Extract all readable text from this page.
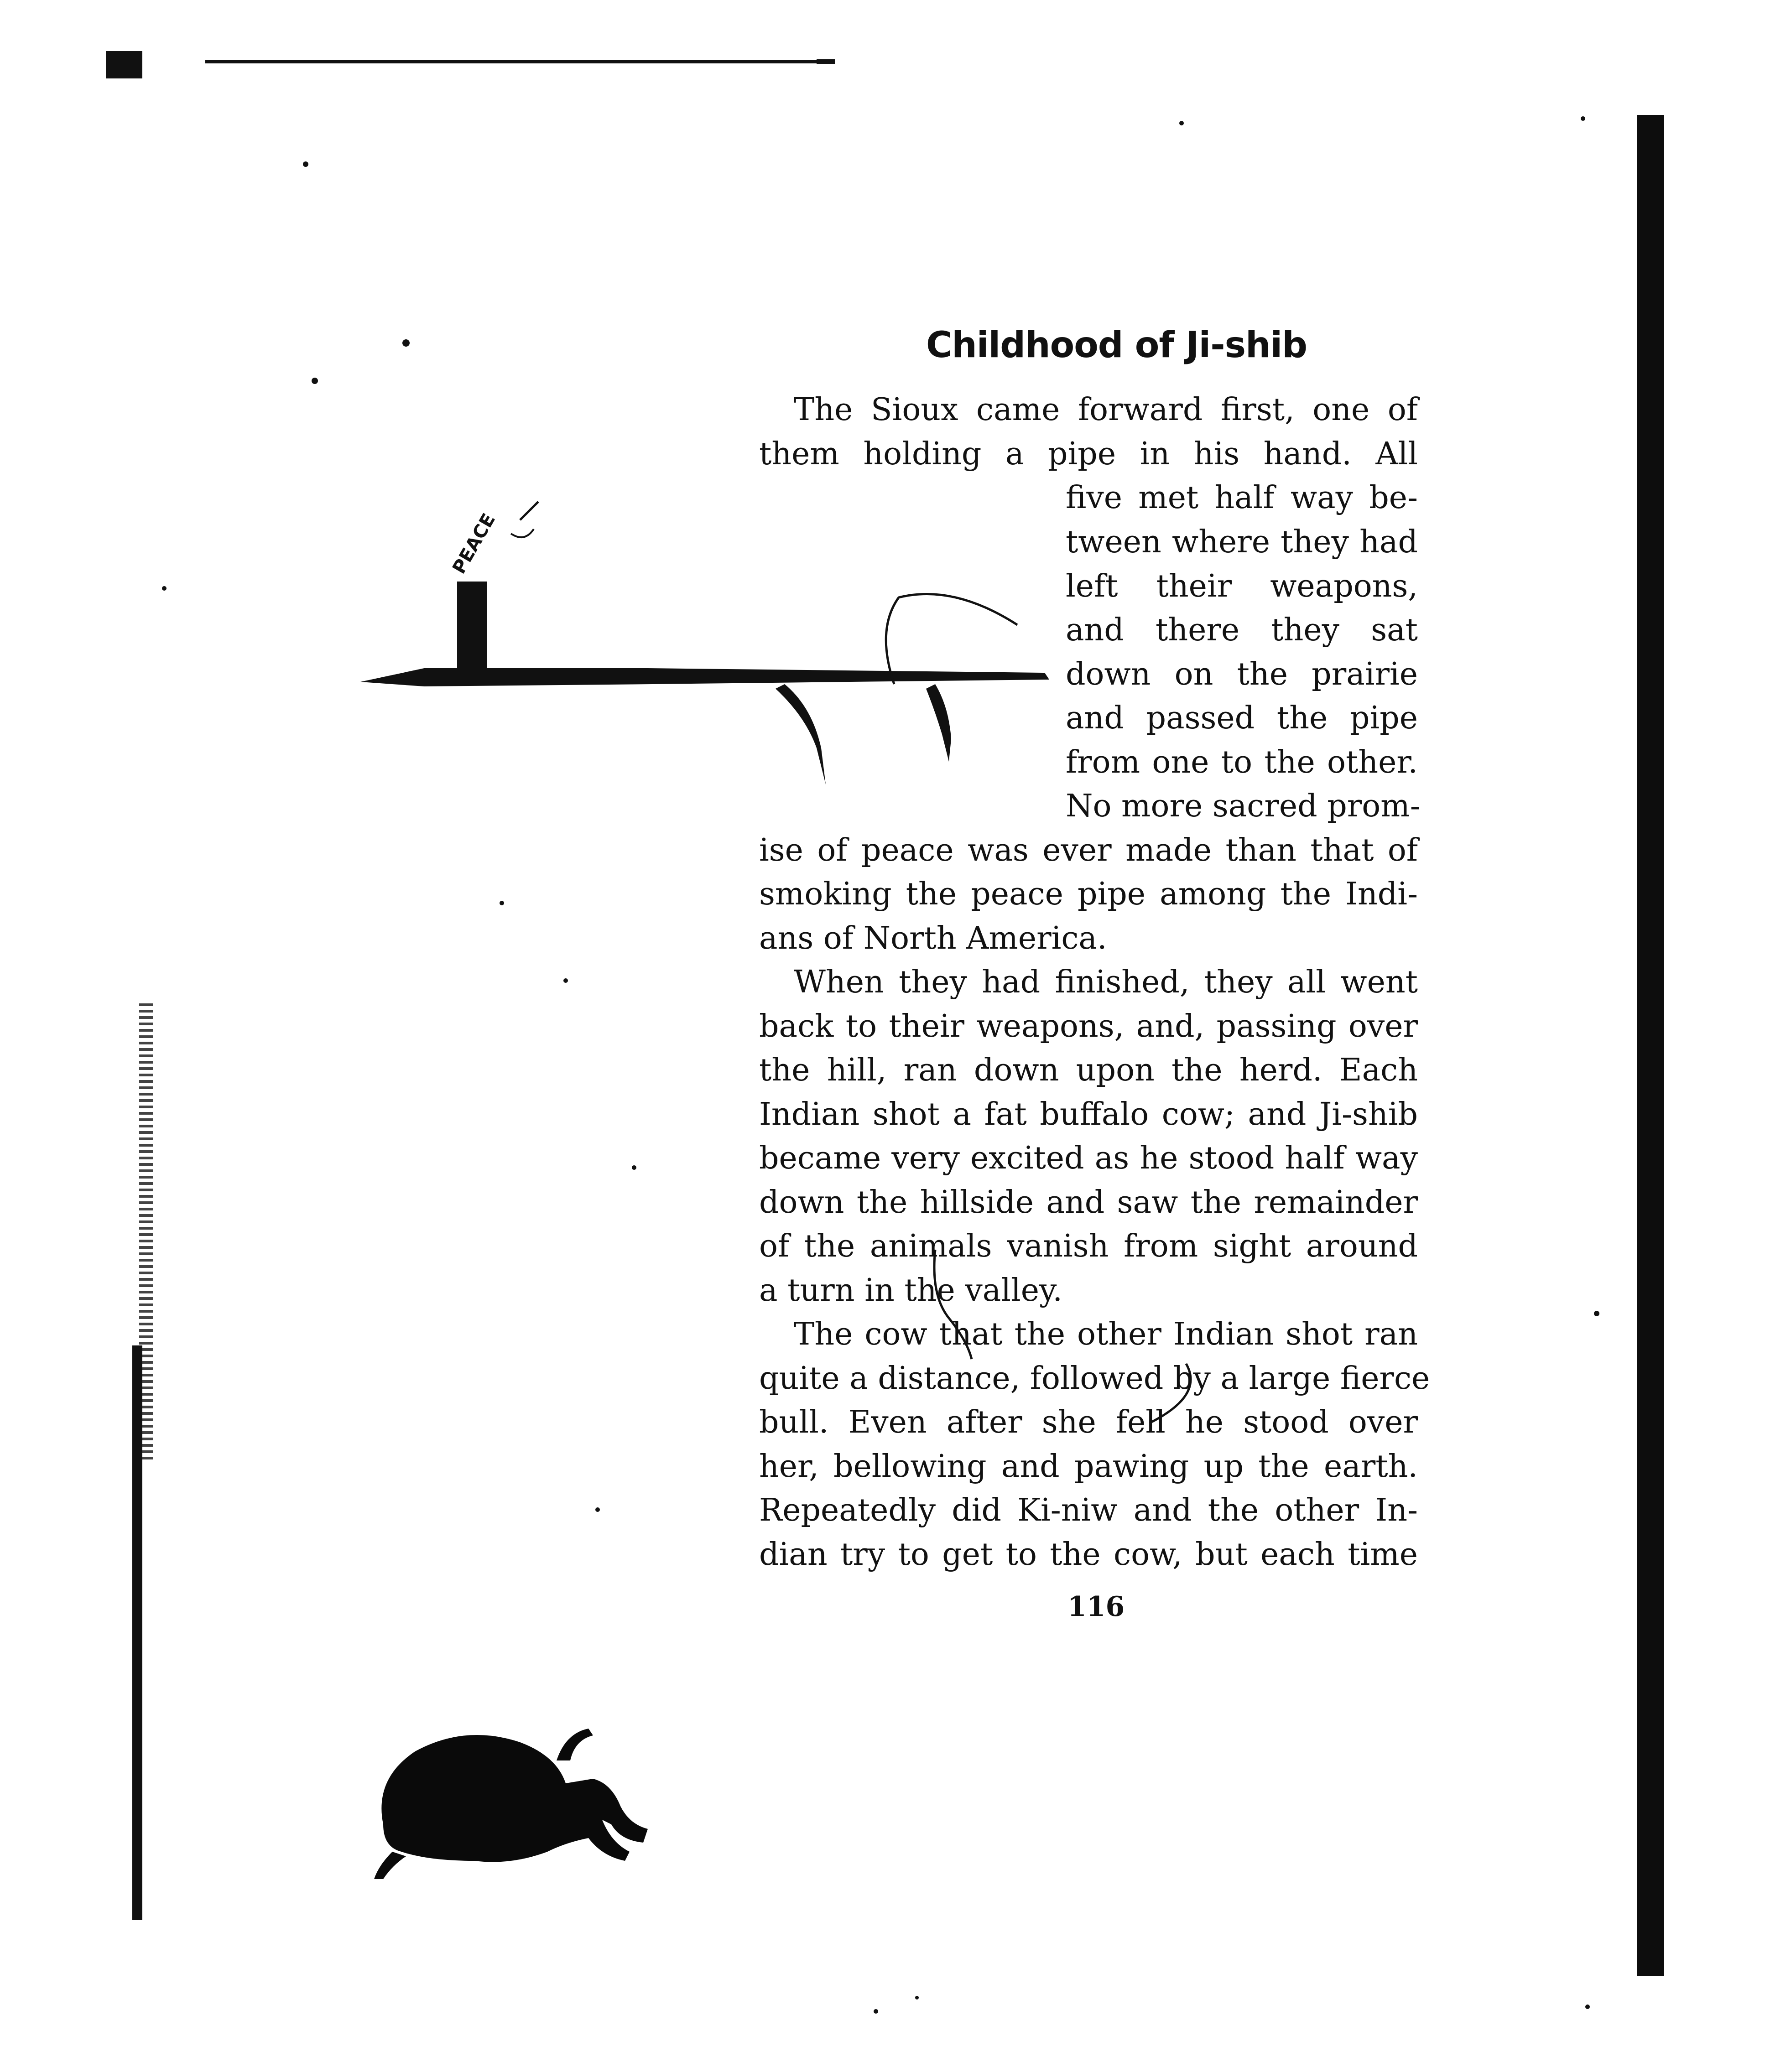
Childhood of Ji-shib
PEACE

The Sioux came forward first, one of

them holding a pipe in his hand. All

five met half way be-

tween where they had

left their weapons,

and there they sat

down on the prairie

and passed the pipe

from one to the other.

No more sacred prom-

ise of peace was ever made than that of

smoking the peace pipe among the Indi-

ans of North America.

When they had finished, they all went

back to their weapons, and, passing over

the hill, ran down upon the herd. Each

Indian shot a fat buffalo cow; and Ji-shib

became very excited as he stood half way

down the hillside and saw the remainder

of the animals vanish from sight around

a turn in the valley.

The cow that the other Indian shot ran

quite a distance, followed by a large fierce

bull. Even after she fell he stood over

her, bellowing and pawing up the earth.

Repeatedly did Ki-niw and the other In-

dian try to get to the cow, but each time

116
